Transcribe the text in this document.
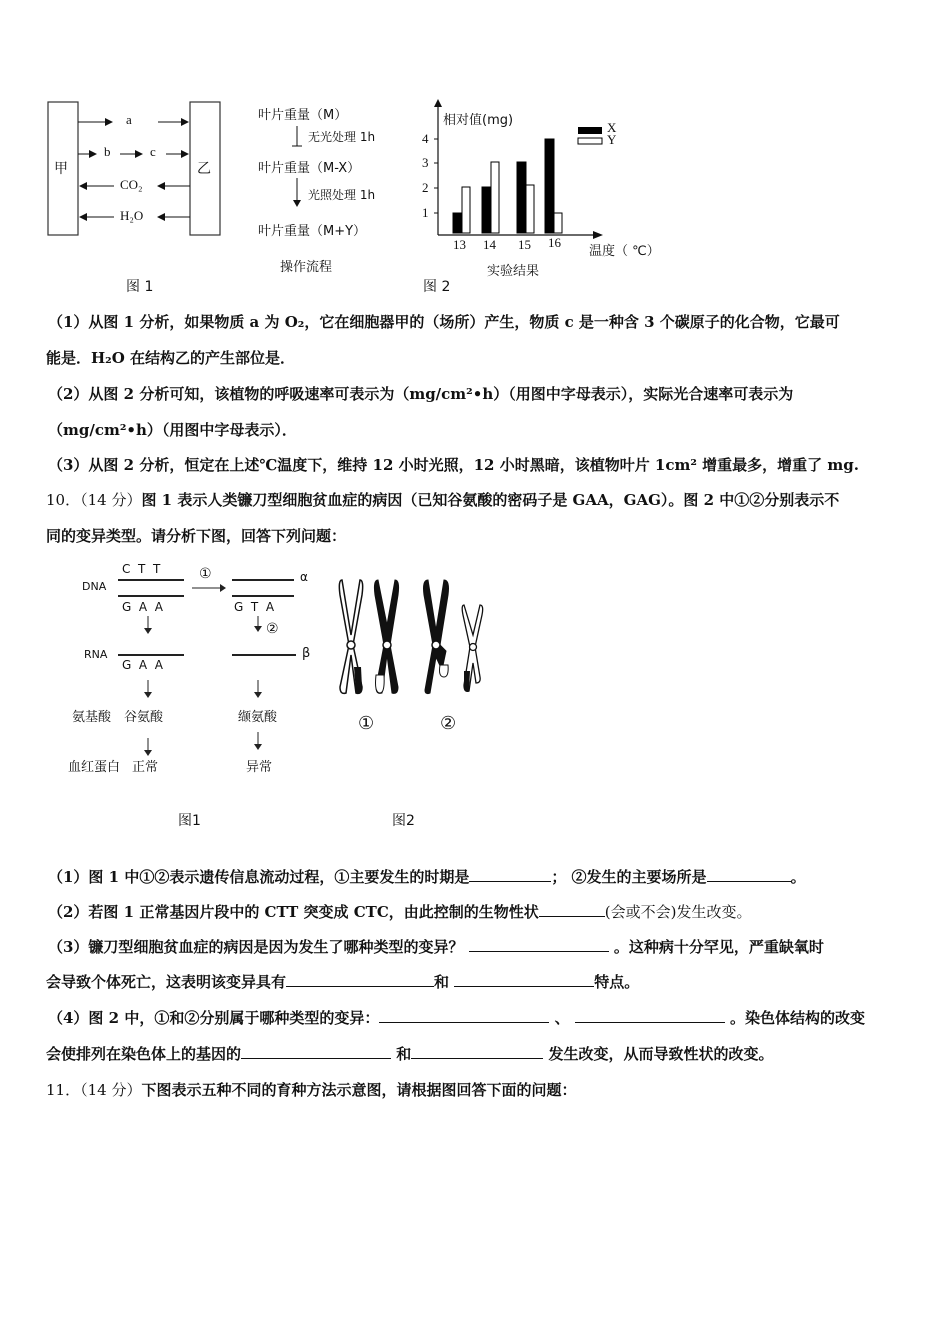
甲	乙
a
b	c
CO₂
H₂O
图 1
叶片重量（M）
无光处理 1h
叶片重量（M-X）
光照处理 1h
叶片重量（M+Y）
操作流程
相对值(mg)
4
3
2
1
X
Y
13 14 15 16
温度（ ℃）
实验结果
图 2
（1）从图 1 分析，如果物质 a 为 O₂，它在细胞器甲的（场所）产生，物质 c 是一种含 3 个碳原子的化合物，它最可
能是．H₂O 在结构乙的产生部位是．
（2）从图 2 分析可知，该植物的呼吸速率可表示为（mg/cm²•h）（用图中字母表示），实际光合速率可表示为
（mg/cm²•h）（用图中字母表示）．
（3）从图 2 分析，恒定在上述℃温度下，维持 12 小时光照，12 小时黑暗，该植物叶片 1cm² 增重最多，增重了 mg.
10．（14 分）图 1 表示人类镰刀型细胞贫血症的病因（已知谷氨酸的密码子是 GAA，GAG）。图 2 中①②分别表示不
同的变异类型。请分析下图，回答下列问题：
DNA
C  T  T
G  A  A
①	α
G  T  A
②
RNA
G  A  A
β
氨基酸 谷氨酸	缬氨酸
血红蛋白 正常	异常
图1
①	②
图2
（1）图 1 中①②表示遗传信息流动过程，①主要发生的时期是	； ②发生的主要场所是	。
（2）若图 1 正常基因片段中的 CTT 突变成 CTC，由此控制的生物性状	(会或不会)发生改变。
（3）镰刀型细胞贫血症的病因是因为发生了哪种类型的变异？	。这种病十分罕见，严重缺氧时
会导致个体死亡，这表明该变异具有	和	特点。
（4）图 2 中，①和②分别属于哪种类型的变异：	、	。染色体结构的改变
会使排列在染色体上的基因的	和	发生改变，从而导致性状的改变。
11．（14 分）下图表示五种不同的育种方法示意图，请根据图回答下面的问题：
